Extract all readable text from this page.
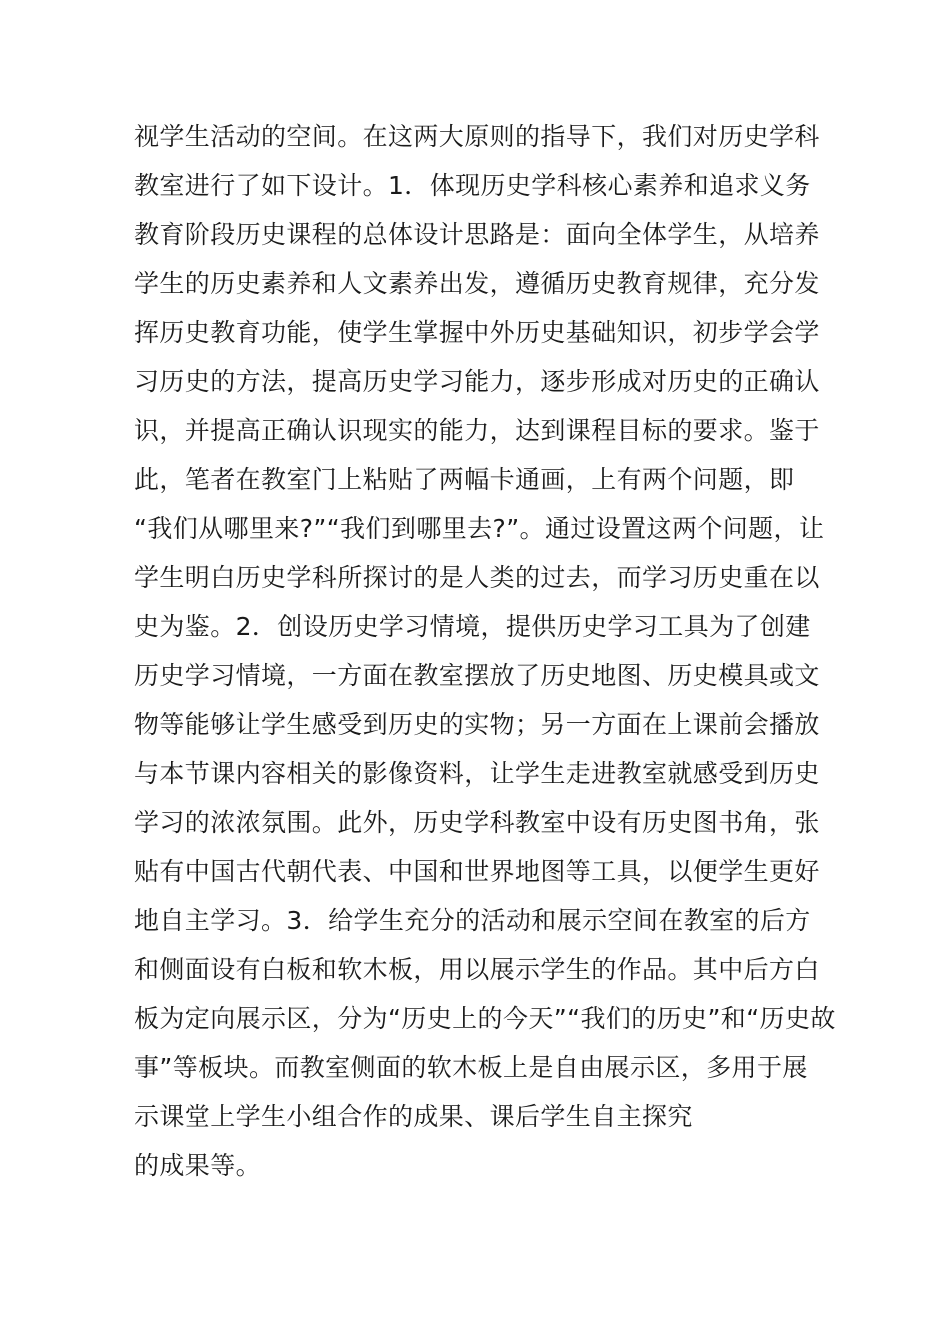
视学生活动的空间。在这两大原则的指导下，我们对历史学科
教室进行了如下设计。1．体现历史学科核心素养和追求义务
教育阶段历史课程的总体设计思路是：面向全体学生，从培养
学生的历史素养和人文素养出发，遵循历史教育规律，充分发
挥历史教育功能，使学生掌握中外历史基础知识，初步学会学
习历史的方法，提高历史学习能力，逐步形成对历史的正确认
识，并提高正确认识现实的能力，达到课程目标的要求。鉴于
此，笔者在教室门上粘贴了两幅卡通画，上有两个问题，即
“我们从哪里来?”“我们到哪里去?”。通过设置这两个问题，让
学生明白历史学科所探讨的是人类的过去，而学习历史重在以
史为鉴。2．创设历史学习情境，提供历史学习工具为了创建
历史学习情境，一方面在教室摆放了历史地图、历史模具或文
物等能够让学生感受到历史的实物；另一方面在上课前会播放
与本节课内容相关的影像资料，让学生走进教室就感受到历史
学习的浓浓氛围。此外，历史学科教室中设有历史图书角，张
贴有中国古代朝代表、中国和世界地图等工具，以便学生更好
地自主学习。3．给学生充分的活动和展示空间在教室的后方
和侧面设有白板和软木板，用以展示学生的作品。其中后方白
板为定向展示区，分为“历史上的今天”“我们的历史”和“历史故
事”等板块。而教室侧面的软木板上是自由展示区，多用于展
示课堂上学生小组合作的成果、课后学生自主探究
的成果等。
